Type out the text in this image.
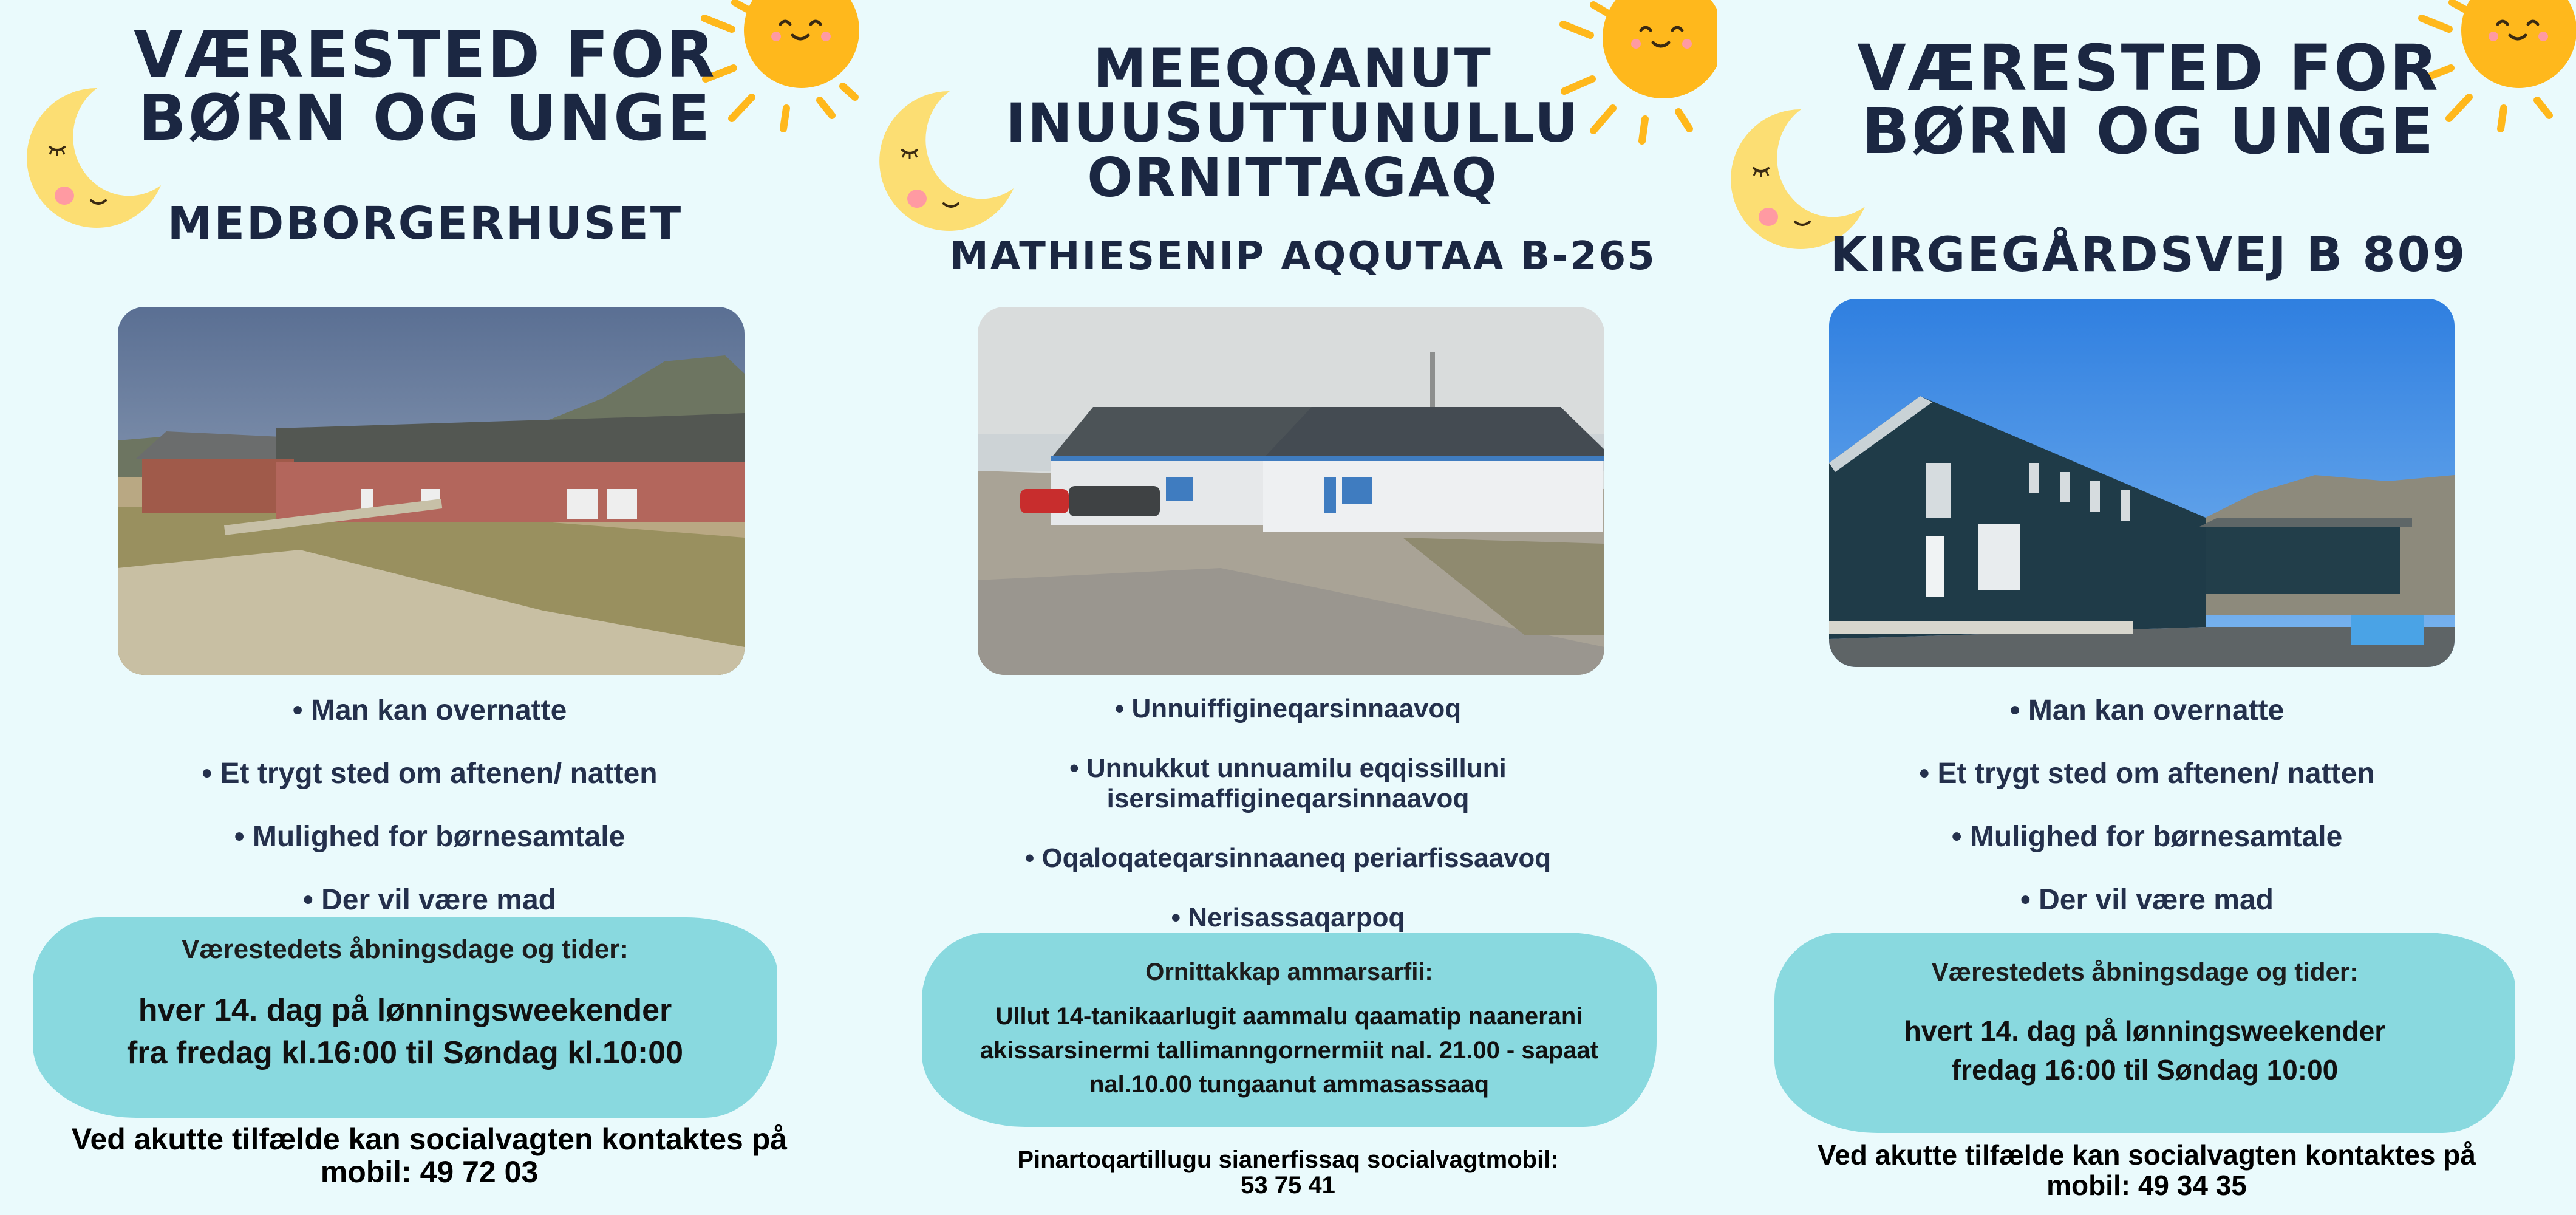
VÆRESTED FOR
BØRN OG UNGE
MEDBORGERHUSET
• Man kan overnatte
• Et trygt sted om aftenen/ natten
• Mulighed for børnesamtale
• Der vil være mad
Værestedets åbningsdage og tider:
hver 14. dag på lønningsweekender
fra fredag kl.16:00 til Søndag kl.10:00
Ved akutte tilfælde kan socialvagten kontaktes på
mobil: 49 72 03
MEEQQANUT
INUUSUTTUNULLU
ORNITTAGAQ
MATHIESENIP AQQUTAA B-265
• Unnuiffigineqarsinnaavoq
• Unnukkut unnuamilu eqqissilluni
isersimaffigineqarsinnaavoq
• Oqaloqateqarsinnaaneq periarfissaavoq
• Nerisassaqarpoq
Ornittakkap ammarsarfii:
Ullut 14-tanikaarlugit aammalu qaamatip naanerani
akissarsinermi tallimanngornermiit nal. 21.00 - sapaat
nal.10.00 tungaanut ammasassaaq
Pinartoqartillugu sianerfissaq socialvagtmobil:
53 75 41
VÆRESTED FOR
BØRN OG UNGE
KIRGEGÅRDSVEJ B 809
• Man kan overnatte
• Et trygt sted om aftenen/ natten
• Mulighed for børnesamtale
• Der vil være mad
Værestedets åbningsdage og tider:
hvert 14. dag på lønningsweekender
fredag 16:00 til Søndag 10:00
Ved akutte tilfælde kan socialvagten kontaktes på
mobil: 49 34 35
